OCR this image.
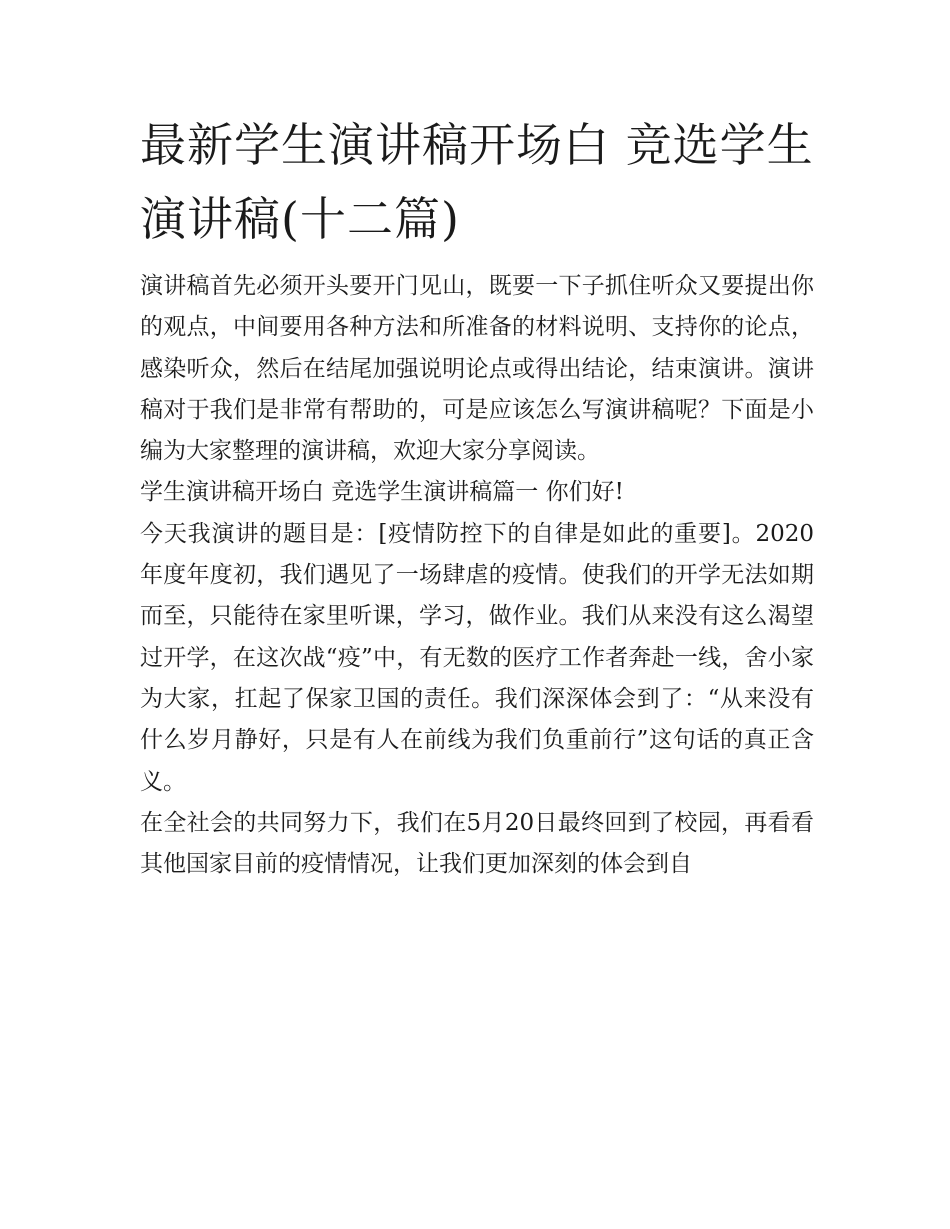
最新学生演讲稿开场白 竞选学生演讲稿(十二篇)

演讲稿首先必须开头要开门见山，既要一下子抓住听众又要提出你的观点，中间要用各种方法和所准备的材料说明、支持你的论点，感染听众，然后在结尾加强说明论点或得出结论，结束演讲。演讲稿对于我们是非常有帮助的，可是应该怎么写演讲稿呢？下面是小编为大家整理的演讲稿，欢迎大家分享阅读。

学生演讲稿开场白 竞选学生演讲稿篇一 你们好!

今天我演讲的题目是：[疫情防控下的自律是如此的重要]。2020年度年度初，我们遇见了一场肆虐的疫情。使我们的开学无法如期而至，只能待在家里听课，学习，做作业。我们从来没有这么渴望过开学，在这次战“疫”中，有无数的医疗工作者奔赴一线，舍小家为大家，扛起了保家卫国的责任。我们深深体会到了：“从来没有什么岁月静好，只是有人在前线为我们负重前行”这句话的真正含义。

在全社会的共同努力下，我们在5月20日最终回到了校园，再看看其他国家目前的疫情情况，让我们更加深刻的体会到自
